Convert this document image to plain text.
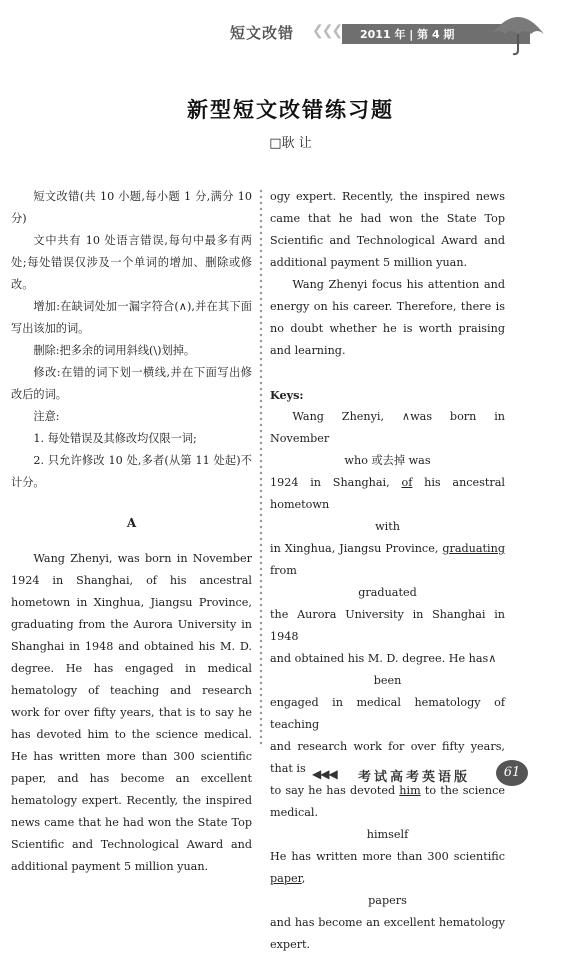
短文改错 ❮❮❮ 2011 年 | 第 4 期
新型短文改错练习题
□耿 让

短文改错(共 10 小题,每小题 1 分,满分 10 分)

文中共有 10 处语言错误,每句中最多有两处;每处错误仅涉及一个单词的增加、删除或修改。

增加:在缺词处加一漏字符合(∧),并在其下面写出该加的词。

删除:把多余的词用斜线(\)划掉。

修改:在错的词下划一横线,并在下面写出修改后的词。

注意:

1. 每处错误及其修改均仅限一词;

2. 只允许修改 10 处,多者(从第 11 处起)不计分。

A

Wang Zhenyi, was born in November 1924 in Shanghai, of his ancestral hometown in Xinghua, Jiangsu Province, graduating from the Aurora University in Shanghai in 1948 and obtained his M. D. degree. He has engaged in medical hematology of teaching and research work for over fifty years, that is to say he has devoted him to the science medical. He has written more than 300 scientific paper, and has become an excellent hematology expert. Recently, the inspired news came that he had won the State Top Scientific and Technological Award and additional payment 5 million yuan.

ogy expert. Recently, the inspired news came that he had won the State Top Scientific and Technological Award and additional payment 5 million yuan.

Wang Zhenyi focus his attention and energy on his career. Therefore, there is no doubt whether he is worth praising and learning.

Keys:

Wang Zhenyi, ∧was born in November

who 或去掉 was

1924 in Shanghai, of his ancestral hometown

with

in Xinghua, Jiangsu Province, graduating from

graduated

the Aurora University in Shanghai in 1948

and obtained his M. D. degree. He has∧

been

engaged in medical hematology of teaching

and research work for over fifty years, that is

to say he has devoted him to the science medical.

himself

He has written more than 300 scientific paper,

papers

and has become an excellent hematology expert.

◀◀◀ 考试高考英语版	61
